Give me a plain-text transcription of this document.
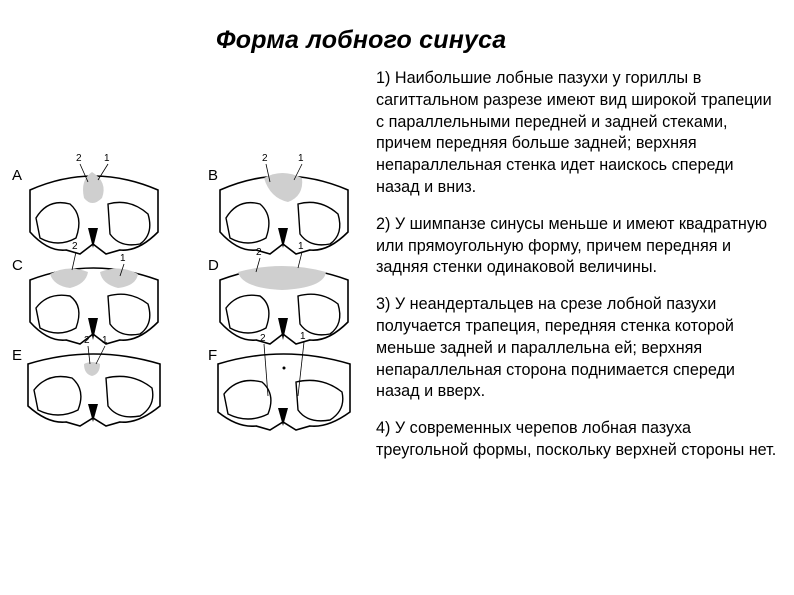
Форма лобного синуса

1) Наибольшие лобные пазухи у гориллы в сагиттальном разрезе имеют вид широкой трапеции с параллельными передней и задней стеками, причем передняя больше задней; верхняя непараллельная стенка идет наискось спереди назад и вниз.

2) У шимпанзе синусы меньше и имеют квадратную или прямоугольную форму, причем передняя и задняя стенки одинаковой величины.

3) У неандертальцев на срезе лобной пазухи получается трапеция, передняя стенка которой меньше задней и параллельна ей; верхняя непараллельная сторона поднимается спереди назад и вверх.

4) У современных черепов лобная пазуха треугольной формы, поскольку верхней стороны нет.

A
2 1
B
2	1
C
2
1	D
2
1
E
2 1
F
2	1
